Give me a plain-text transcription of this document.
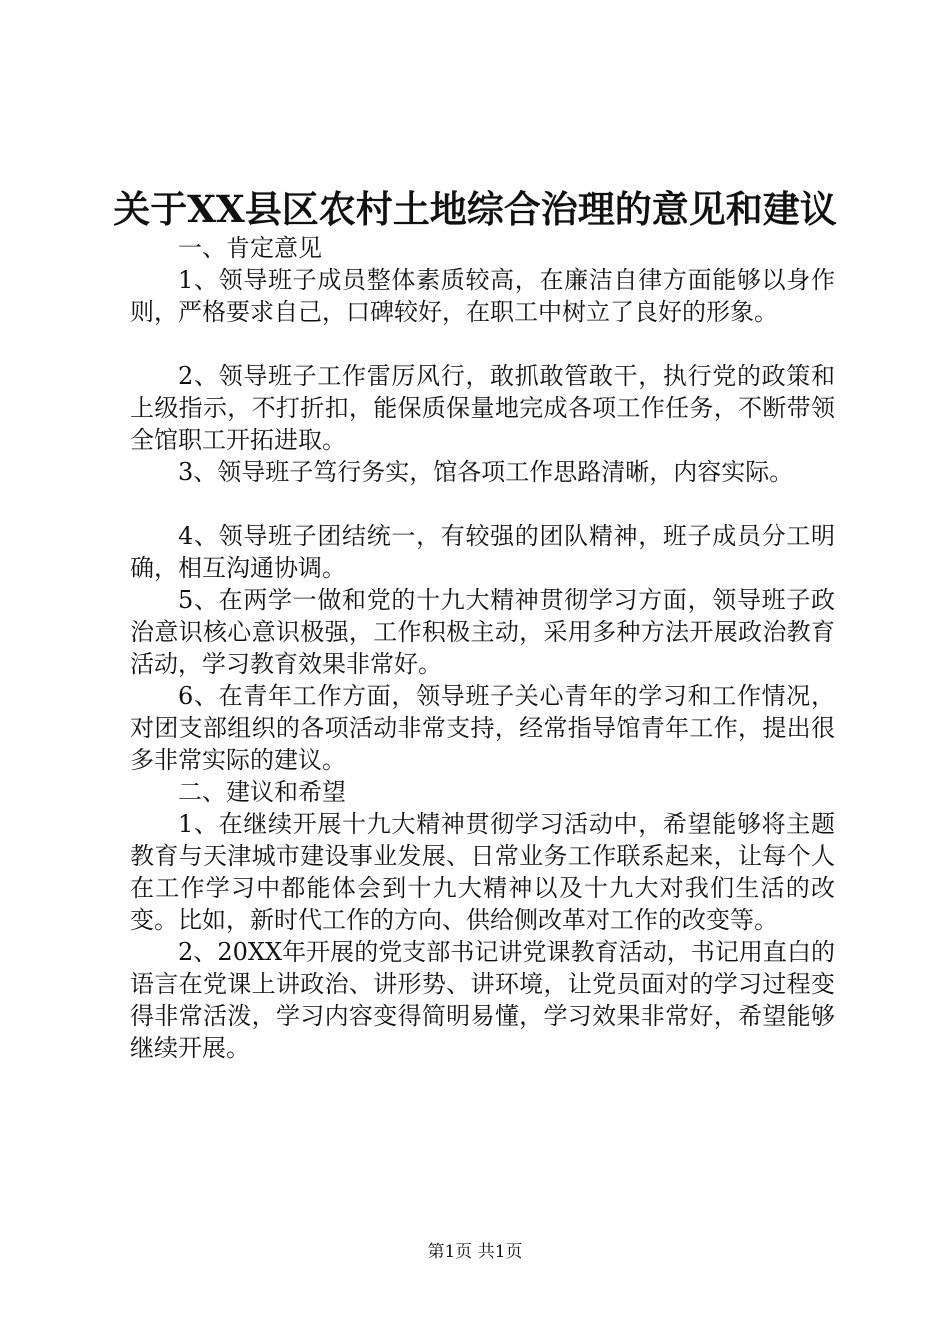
关于XX县区农村土地综合治理的意见和建议

一、肯定意见

1、领导班子成员整体素质较高，在廉洁自律方面能够以身作则，严格要求自己，口碑较好，在职工中树立了良好的形象。

2、领导班子工作雷厉风行，敢抓敢管敢干，执行党的政策和上级指示，不打折扣，能保质保量地完成各项工作任务，不断带领全馆职工开拓进取。

3、领导班子笃行务实，馆各项工作思路清晰，内容实际。

4、领导班子团结统一，有较强的团队精神，班子成员分工明确，相互沟通协调。

5、在两学一做和党的十九大精神贯彻学习方面，领导班子政治意识核心意识极强，工作积极主动，采用多种方法开展政治教育活动，学习教育效果非常好。

6、在青年工作方面，领导班子关心青年的学习和工作情况，对团支部组织的各项活动非常支持，经常指导馆青年工作，提出很多非常实际的建议。

二、建议和希望

1、在继续开展十九大精神贯彻学习活动中，希望能够将主题教育与天津城市建设事业发展、日常业务工作联系起来，让每个人在工作学习中都能体会到十九大精神以及十九大对我们生活的改变。比如，新时代工作的方向、供给侧改革对工作的改变等。

2、20XX年开展的党支部书记讲党课教育活动，书记用直白的语言在党课上讲政治、讲形势、讲环境，让党员面对的学习过程变得非常活泼，学习内容变得简明易懂，学习效果非常好，希望能够继续开展。

第1页 共1页
